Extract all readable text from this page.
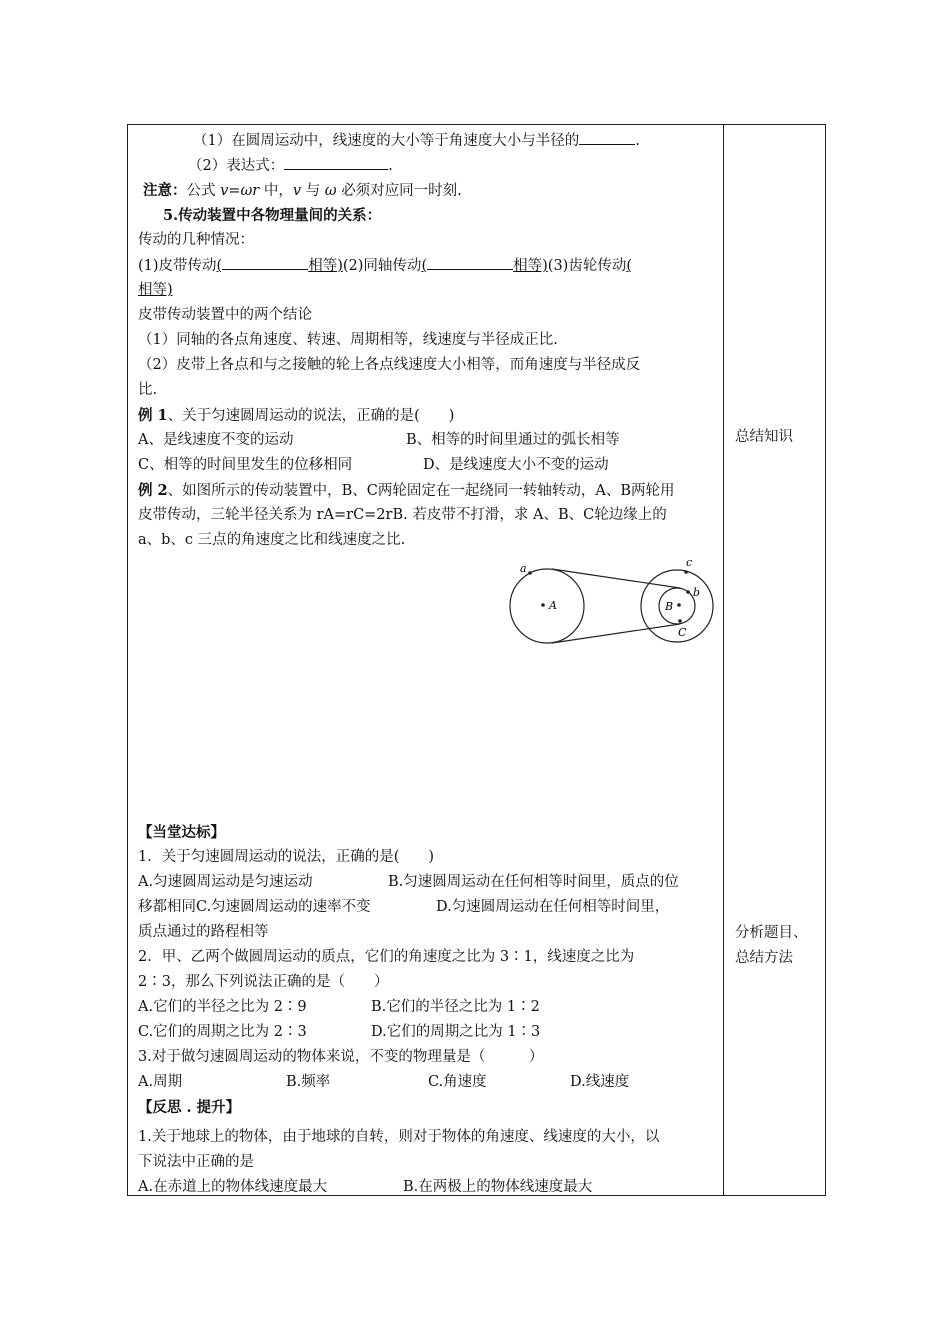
（1）在圆周运动中，线速度的大小等于角速度大小与半径的	.
（2）表达式：	.
注意：公式 v=ωr 中，v 与 ω 必须对应同一时刻.
5.传动装置中各物理量间的关系：
传动的几种情况：
(1)皮带传动(	相等)(2)同轴传动(	相等)(3)齿轮传动(
相等)
皮带传动装置中的两个结论
（1）同轴的各点角速度、转速、周期相等，线速度与半径成正比.
（2）皮带上各点和与之接触的轮上各点线速度大小相等，而角速度与半径成反
比.
例 1、关于匀速圆周运动的说法，正确的是(　　)
A、是线速度不变的运动	B、相等的时间里通过的弧长相等
C、相等的时间里发生的位移相同	D、是线速度大小不变的运动
例 2、如图所示的传动装置中，B、C两轮固定在一起绕同一转轴转动，A、B两轮用
皮带传动，三轮半径关系为 rA=rC=2rB. 若皮带不打滑，求 A、B、C轮边缘上的
a、b、c 三点的角速度之比和线速度之比.
【当堂达标】
1．关于匀速圆周运动的说法，正确的是(　　)
A.匀速圆周运动是匀速运动	B.匀速圆周运动在任何相等时间里，质点的位
移都相同C.匀速圆周运动的速率不变	D.匀速圆周运动在任何相等时间里，
质点通过的路程相等
2．甲、乙两个做圆周运动的质点，它们的角速度之比为 3∶1，线速度之比为
2∶3，那么下列说法正确的是（　　）
A.它们的半径之比为 2∶9	B.它们的半径之比为 1∶2
C.它们的周期之比为 2∶3	D.它们的周期之比为 1∶3
3.对于做匀速圆周运动的物体来说，不变的物理量是（　　　）
A.周期	B.频率	C.角速度	D.线速度
【反思 . 提升】
1.关于地球上的物体，由于地球的自转，则对于物体的角速度、线速度的大小，以
下说法中正确的是
A.在赤道上的物体线速度最大	B.在两极上的物体线速度最大
总结知识
分析题目、
总结方法
a
A
c
b
B
C
